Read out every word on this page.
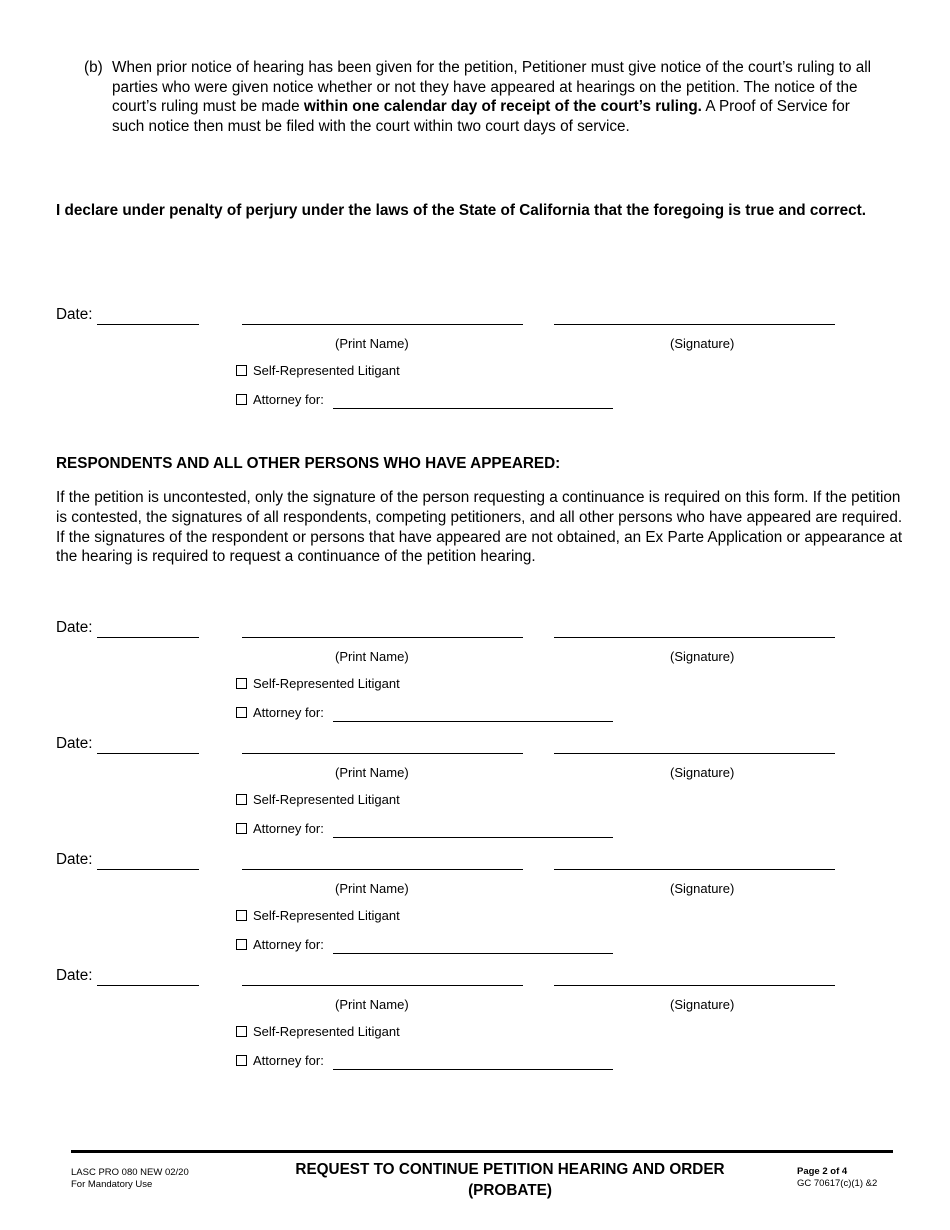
(b) When prior notice of hearing has been given for the petition, Petitioner must give notice of the court’s ruling to all parties who were given notice whether or not they have appeared at hearings on the petition. The notice of the court’s ruling must be made within one calendar day of receipt of the court’s ruling. A Proof of Service for such notice then must be filed with the court within two court days of service.
I declare under penalty of perjury under the laws of the State of California that the foregoing is true and correct.
Date:
(Print Name)	(Signature)
Self-Represented Litigant
Attorney for:
RESPONDENTS AND ALL OTHER PERSONS WHO HAVE APPEARED:
If the petition is uncontested, only the signature of the person requesting a continuance is required on this form. If the petition is contested, the signatures of all respondents, competing petitioners, and all other persons who have appeared are required. If the signatures of the respondent or persons that have appeared are not obtained, an Ex Parte Application or appearance at the hearing is required to request a continuance of the petition hearing.
Date:
(Print Name)	(Signature)
Self-Represented Litigant
Attorney for:
Date:
(Print Name)	(Signature)
Self-Represented Litigant
Attorney for:
Date:
(Print Name)	(Signature)
Self-Represented Litigant
Attorney for:
Date:
(Print Name)	(Signature)
Self-Represented Litigant
Attorney for:
LASC PRO 080 NEW 02/20
For Mandatory Use
REQUEST TO CONTINUE PETITION HEARING AND ORDER
(PROBATE)
Page 2 of 4
GC 70617(c)(1) &2
